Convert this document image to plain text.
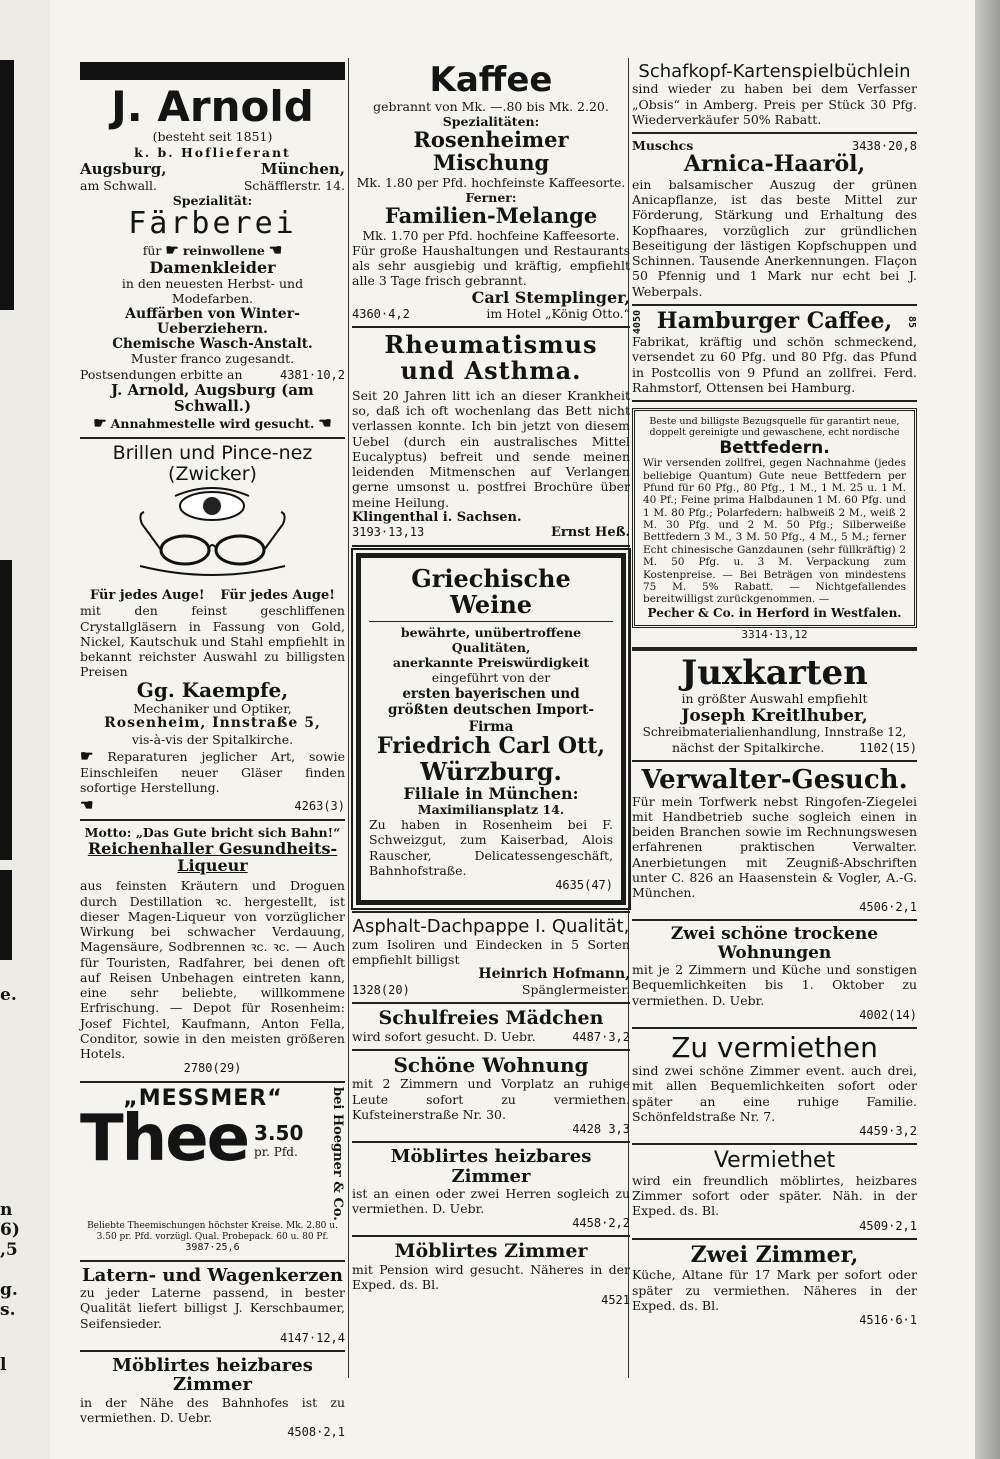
e.
n
6)
,5
g.
s.
l

J. Arnold

(besteht seit 1851)

k. b. Hoflieferant

Augsburg,	München,
am Schwall.	Schäfflerstr. 14.

Spezialität:

Färberei

für ☛ reinwollene ☚

Damenkleider

in den neuesten Herbst- und Modefarben.

Auffärben von Winter-Ueberziehern.

Chemische Wasch-Anstalt.

Muster franco zugesandt.

Postsendungen erbitte an	4381·10,2

J. Arnold, Augsburg (am Schwall.)

☛ Annahmestelle wird gesucht. ☚

Brillen und Pince-nez (Zwicker)

Für jedes Auge! Für jedes Auge!

mit den feinst geschliffenen Crystallgläsern in Fassung von Gold, Nickel, Kautschuk und Stahl empfiehlt in bekannt reichster Auswahl zu billigsten Preisen

Gg. Kaempfe,

Mechaniker und Optiker,

Rosenheim, Innstraße 5,

vis-à-vis der Spitalkirche.

☛ Reparaturen jeglicher Art, sowie Einschleifen neuer Gläser finden sofortige Herstellung.

☚	4263(3)

Motto: „Das Gute bricht sich Bahn!“

Reichenhaller Gesundheits-Liqueur

aus feinsten Kräutern und Droguen durch Destillation ꝛc. hergestellt, ist dieser Magen-Liqueur von vorzüglicher Wirkung bei schwacher Verdauung, Magensäure, Sodbrennen ꝛc. ꝛc. — Auch für Touristen, Radfahrer, bei denen oft auf Reisen Unbehagen eintreten kann, eine sehr beliebte, willkommene Erfrischung. — Depot für Rosenheim: Josef Fichtel, Kaufmann, Anton Fella, Conditor, sowie in den meisten größeren Hotels.

2780(29)

„MESSMER“

Thee 3.50
pr. Pfd.	bei Hoegner & Co.

Beliebte Theemischungen höchster Kreise. Mk. 2.80 u. 3.50 pr. Pfd. vorzügl. Qual. Probepack. 60 u. 80 Pf.

3987·25,6

Latern- und Wagenkerzen

zu jeder Laterne passend, in bester Qualität liefert billigst J. Kerschbaumer, Seifensieder.

4147·12,4

Möblirtes heizbares Zimmer

in der Nähe des Bahnhofes ist zu vermiethen. D. Uebr.

4508·2,1

Kaffee

gebrannt von Mk. —.80 bis Mk. 2.20.

Spezialitäten:

Rosenheimer Mischung

Mk. 1.80 per Pfd. hochfeinste Kaffeesorte.

Ferner:

Familien-Melange

Mk. 1.70 per Pfd. hochfeine Kaffeesorte.

Für große Haushaltungen und Restaurants als sehr ausgiebig und kräftig, empfiehlt alle 3 Tage frisch gebrannt.

Carl Stemplinger,

4360·4,2	im Hotel „König Otto.“

Rheumatismus

und Asthma.

Seit 20 Jahren litt ich an dieser Krankheit so, daß ich oft wochenlang das Bett nicht verlassen konnte. Ich bin jetzt von diesem Uebel (durch ein australisches Mittel Eucalyptus) befreit und sende meinen leidenden Mitmenschen auf Verlangen gerne umsonst u. postfrei Brochüre über meine Heilung.

Klingenthal i. Sachsen.
3193·13,13	Ernst Heß.

Griechische Weine

bewährte, unübertroffene Qualitäten,

anerkannte Preiswürdigkeit

eingeführt von der

ersten bayerischen und

größten deutschen Import-

Firma

Friedrich Carl Ott,

Würzburg.

Filiale in München:

Maximiliansplatz 14.

Zu haben in Rosenheim bei F. Schweizgut, zum Kaiserbad, Alois Rauscher, Delicatessengeschäft, Bahnhofstraße.

4635(47)

Asphalt-Dachpappe I. Qualität,

zum Isoliren und Eindecken in 5 Sorten empfiehlt billigst

Heinrich Hofmann,

1328(20)	Spänglermeister.

Schulfreies Mädchen

wird sofort gesucht. D. Uebr.	4487·3,2

Schöne Wohnung

mit 2 Zimmern und Vorplatz an ruhige Leute sofort zu vermiethen. Kufsteinerstraße Nr. 30.

4428 3,3

Möblirtes heizbares Zimmer

ist an einen oder zwei Herren sogleich zu vermiethen. D. Uebr.

4458·2,2

Möblirtes Zimmer

mit Pension wird gesucht. Näheres in der Exped. ds. Bl.

4521

Schafkopf-Kartenspielbüchlein

sind wieder zu haben bei dem Verfasser „Obsis“ in Amberg. Preis per Stück 30 Pfg. Wiederverkäufer 50% Rabatt.

Muschcs	3438·20,8

Arnica-Haaröl,

ein balsamischer Auszug der grünen Anicapflanze, ist das beste Mittel zur Förderung, Stärkung und Erhaltung des Kopfhaares, vorzüglich zur gründlichen Beseitigung der lästigen Kopfschuppen und Schinnen. Tausende Anerkennungen. Flaçon 50 Pfennig und 1 Mark nur echt bei J. Weberpals.

4050 Hamburger Caffee,	85

Fabrikat, kräftig und schön schmeckend, versendet zu 60 Pfg. und 80 Pfg. das Pfund in Postcollis von 9 Pfund an zollfrei. Ferd. Rahmstorf, Ottensen bei Hamburg.

Beste und billigste Bezugsquelle für garantirt neue, doppelt gereinigte und gewaschene, echt nordische

Bettfedern.

Wir versenden zollfrei, gegen Nachnahme (jedes beliebige Quantum) Gute neue Bettfedern per Pfund für 60 Pfg., 80 Pfg., 1 M., 1 M. 25 u. 1 M. 40 Pf.; Feine prima Halbdaunen 1 M. 60 Pfg. und 1 M. 80 Pfg.; Polarfedern: halbweiß 2 M., weiß 2 M. 30 Pfg. und 2 M. 50 Pfg.; Silberweiße Bettfedern 3 M., 3 M. 50 Pfg., 4 M., 5 M.; ferner Echt chinesische Ganzdaunen (sehr füllkräftig) 2 M. 50 Pfg. u. 3 M. Verpackung zum Kostenpreise. — Bei Beträgen von mindestens 75 M. 5% Rabatt. — Nichtgefallendes bereitwilligst zurückgenommen. —

Pecher & Co. in Herford in Westfalen.

3314·13,12

Juxkarten

in größter Auswahl empfiehlt

Joseph Kreitlhuber,

Schreibmaterialienhandlung, Innstraße 12,

nächst der Spitalkirche.	1102(15)

Verwalter-Gesuch.

Für mein Torfwerk nebst Ringofen-Ziegelei mit Handbetrieb suche sogleich einen in beiden Branchen sowie im Rechnungswesen erfahrenen praktischen Verwalter. Anerbietungen mit Zeugniß-Abschriften unter C. 826 an Haasenstein & Vogler, A.-G. München.

4506·2,1

Zwei schöne trockene Wohnungen

mit je 2 Zimmern und Küche und sonstigen Bequemlichkeiten bis 1. Oktober zu vermiethen. D. Uebr.

4002(14)

Zu vermiethen

sind zwei schöne Zimmer event. auch drei, mit allen Bequemlichkeiten sofort oder später an eine ruhige Familie. Schönfeldstraße Nr. 7.

4459·3,2

Vermiethet

wird ein freundlich möblirtes, heizbares Zimmer sofort oder später. Näh. in der Exped. ds. Bl.

4509·2,1

Zwei Zimmer,

Küche, Altane für 17 Mark per sofort oder später zu vermiethen. Näheres in der Exped. ds. Bl.

4516·6·1
